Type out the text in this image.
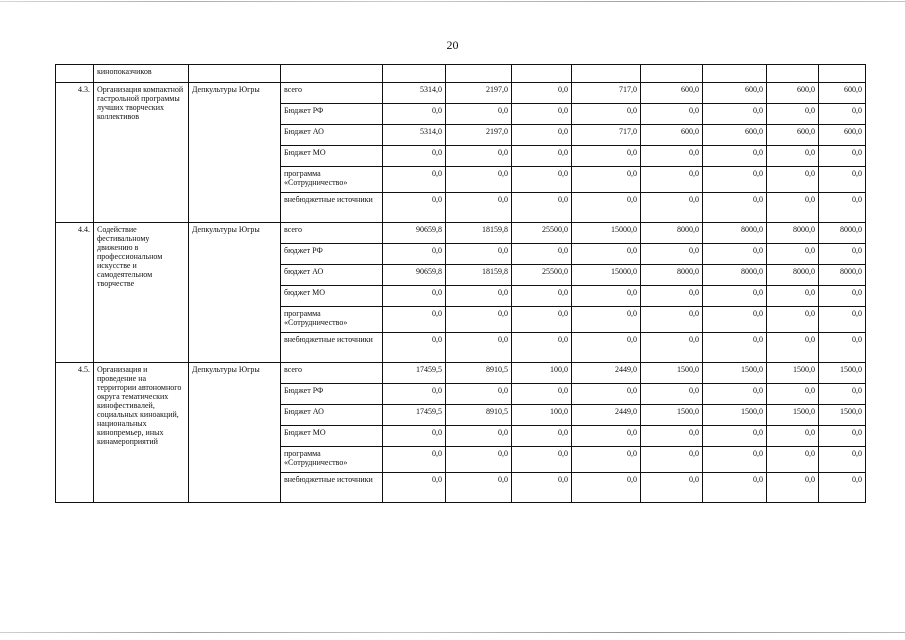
20
	кинопоказчиков										
4.3.	Организация компактной гастрольной программы лучших творческих коллективов	Депкультуры Югры	всего	5314,0	2197,0	0,0	717,0	600,0	600,0	600,0	600,0
			Бюджет РФ	0,0	0,0	0,0	0,0	0,0	0,0	0,0	0,0
			Бюджет АО	5314,0	2197,0	0,0	717,0	600,0	600,0	600,0	600,0
			Бюджет МО	0,0	0,0	0,0	0,0	0,0	0,0	0,0	0,0
			программа «Сотрудничество»	0,0	0,0	0,0	0,0	0,0	0,0	0,0	0,0
			внебюджетные источники	0,0	0,0	0,0	0,0	0,0	0,0	0,0	0,0
4.4.	Содействие фестивальному движению в профессиональном искусстве и самодеятельном творчестве	Депкультуры Югры	всего	90659,8	18159,8	25500,0	15000,0	8000,0	8000,0	8000,0	8000,0
			бюджет РФ	0,0	0,0	0,0	0,0	0,0	0,0	0,0	0,0
			бюджет АО	90659,8	18159,8	25500,0	15000,0	8000,0	8000,0	8000,0	8000,0
			бюджет МО	0,0	0,0	0,0	0,0	0,0	0,0	0,0	0,0
			программа «Сотрудничество»	0,0	0,0	0,0	0,0	0,0	0,0	0,0	0,0
			внебюджетные источники	0,0	0,0	0,0	0,0	0,0	0,0	0,0	0,0
4.5.	Организация и проведение на территории автономного округа тематических кинофестивалей, социальных киноакций, национальных кинопремьер, иных кинамероприятий	Депкультуры Югры	всего	17459,5	8910,5	100,0	2449,0	1500,0	1500,0	1500,0	1500,0
			Бюджет РФ	0,0	0,0	0,0	0,0	0,0	0,0	0,0	0,0
			Бюджет АО	17459,5	8910,5	100,0	2449,0	1500,0	1500,0	1500,0	1500,0
			Бюджет МО	0,0	0,0	0,0	0,0	0,0	0,0	0,0	0,0
			программа «Сотрудничество»	0,0	0,0	0,0	0,0	0,0	0,0	0,0	0,0
			внебюджетные источники	0,0	0,0	0,0	0,0	0,0	0,0	0,0	0,0
